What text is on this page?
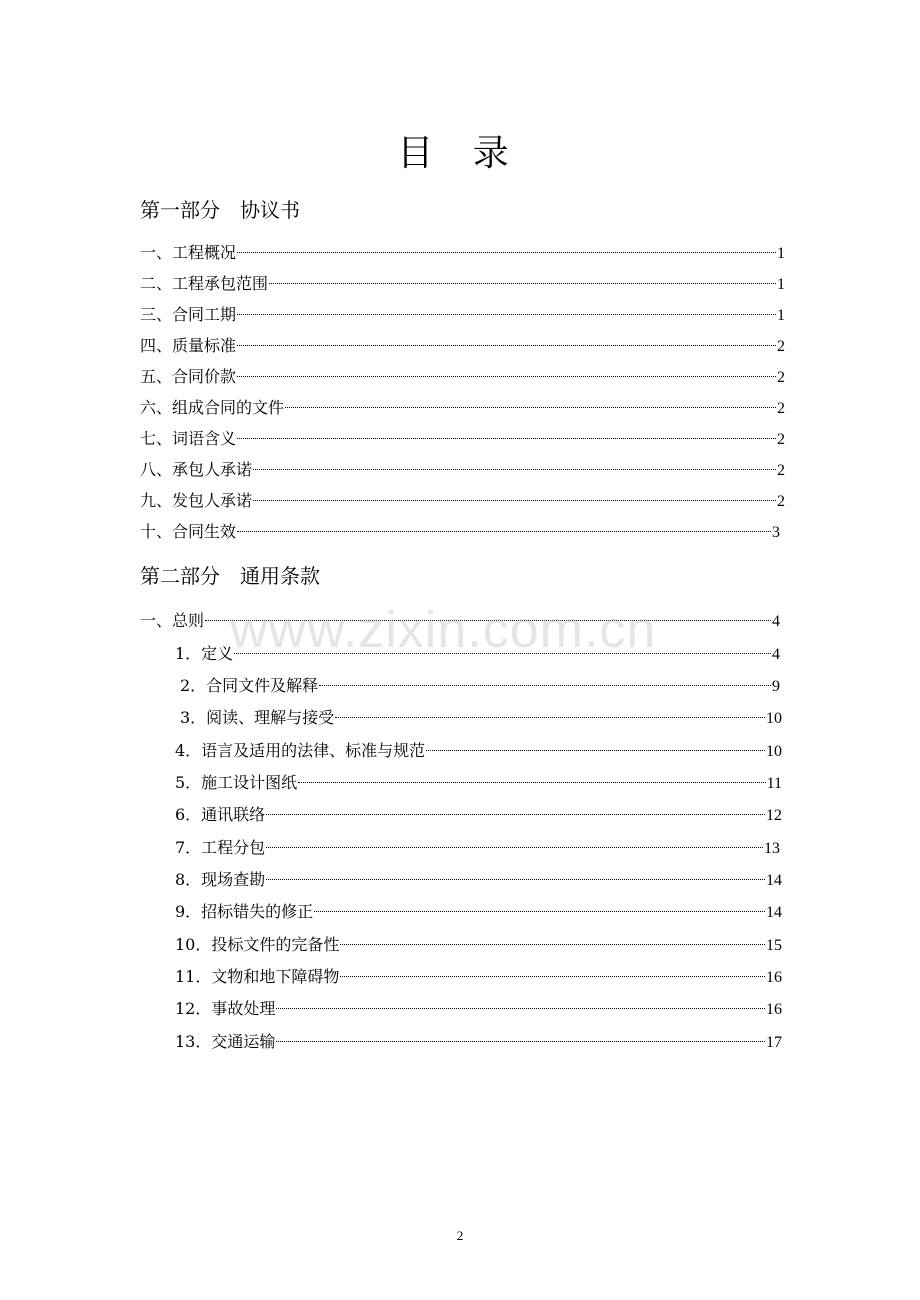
目 录
第一部分　协议书
一、工程概况	1
二、工程承包范围	1
三、合同工期	1
四、质量标准	2
五、合同价款	2
六、组成合同的文件	2
七、词语含义	2
八、承包人承诺	2
九、发包人承诺	2
十、合同生效	3
第二部分　通用条款
一、总则	4
1．定义	4
2．合同文件及解释	9
3．阅读、理解与接受	10
4．语言及适用的法律、标准与规范	10
5．施工设计图纸	11
6．通讯联络	12
7．工程分包	13
8．现场查勘	14
9．招标错失的修正	14
10．投标文件的完备性	15
11．文物和地下障碍物	16
12．事故处理	16
13．交通运输	17
www.zixin.com.cn
2
